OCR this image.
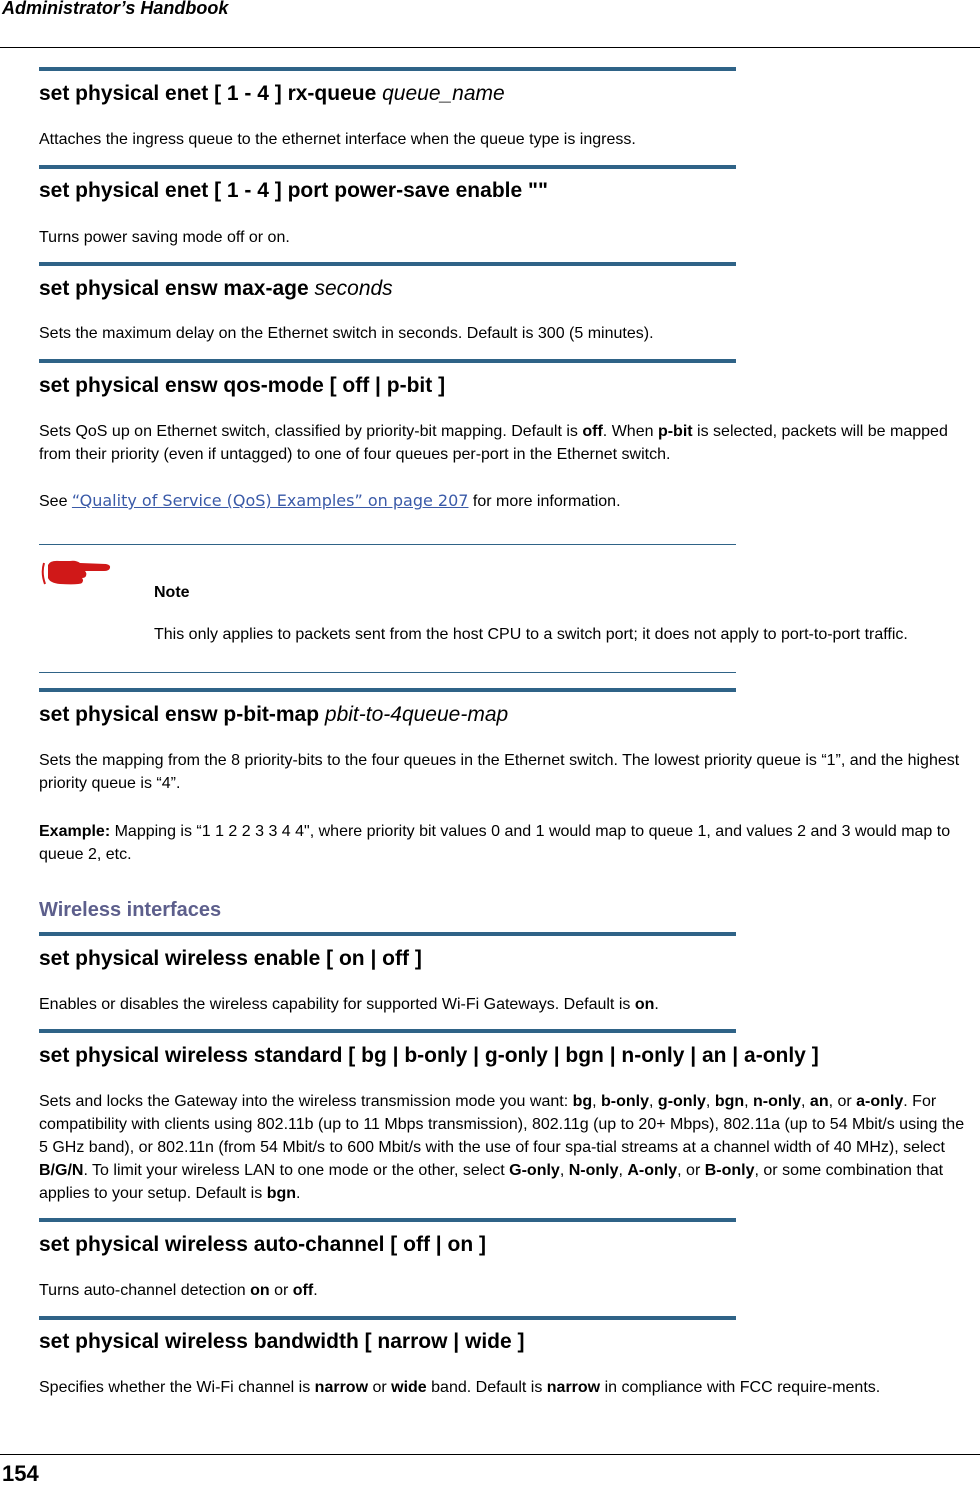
Administrator’s Handbook
set physical enet [ 1 - 4 ] rx-queue queue_name
Attaches the ingress queue to the ethernet interface when the queue type is ingress.
set physical enet [ 1 - 4 ] port power-save enable ""
Turns power saving mode off or on.
set physical ensw max-age seconds
Sets the maximum delay on the Ethernet switch in seconds. Default is 300 (5 minutes).
set physical ensw qos-mode [ off | p-bit ]
Sets QoS up on Ethernet switch, classified by priority-bit mapping. Default is off. When p-bit is selected, packets will be mapped from their priority (even if untagged) to one of four queues per-port in the Ethernet switch.
See “Quality of Service (QoS) Examples” on page 207 for more information.
Note
This only applies to packets sent from the host CPU to a switch port; it does not apply to port-to-port traffic.
set physical ensw p-bit-map pbit-to-4queue-map
Sets the mapping from the 8 priority-bits to the four queues in the Ethernet switch. The lowest priority queue is “1”, and the highest priority queue is “4”.
Example: Mapping is “1 1 2 2 3 3 4 4", where priority bit values 0 and 1 would map to queue 1, and values 2 and 3 would map to queue 2, etc.
Wireless interfaces
set physical wireless enable [ on | off ]
Enables or disables the wireless capability for supported Wi-Fi Gateways. Default is on.
set physical wireless standard [ bg | b-only | g-only | bgn | n-only | an | a-only ]
Sets and locks the Gateway into the wireless transmission mode you want: bg, b-only, g-only, bgn, n-only, an, or a-only. For compatibility with clients using 802.11b (up to 11 Mbps transmission), 802.11g (up to 20+ Mbps), 802.11a (up to 54 Mbit/s using the 5 GHz band), or 802.11n (from 54 Mbit/s to 600 Mbit/s with the use of four spa-tial streams at a channel width of 40 MHz), select B/G/N. To limit your wireless LAN to one mode or the other, select G-only, N-only, A-only, or B-only, or some combination that applies to your setup. Default is bgn.
set physical wireless auto-channel [ off | on ]
Turns auto-channel detection on or off.
set physical wireless bandwidth [ narrow | wide ]
Specifies whether the Wi-Fi channel is narrow or wide band. Default is narrow in compliance with FCC require-ments.
154
